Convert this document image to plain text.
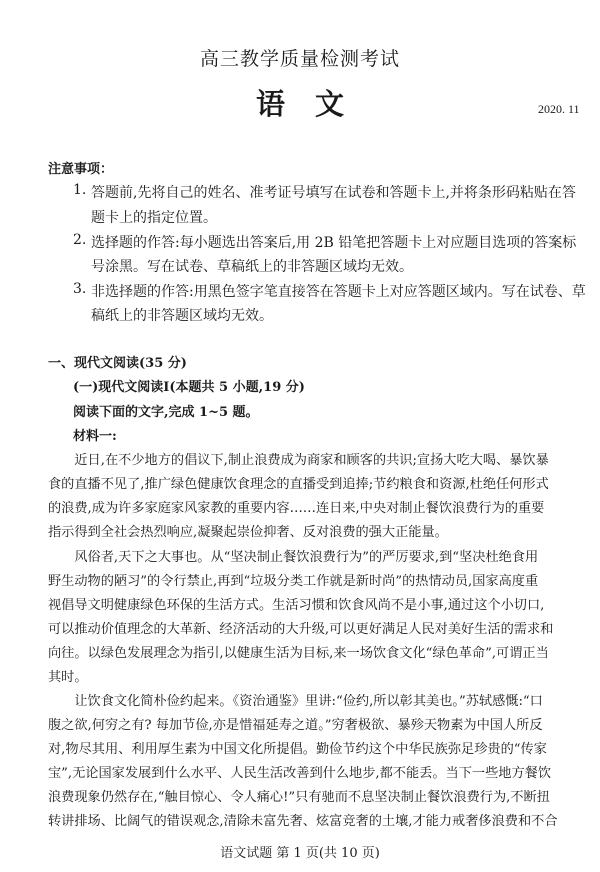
高三教学质量检测考试
语文	2020. 11
注意事项：
1. 答题前,先将自己的姓名、准考证号填写在试卷和答题卡上,并将条形码粘贴在答
题卡上的指定位置。
2. 选择题的作答:每小题选出答案后,用 2B 铅笔把答题卡上对应题目选项的答案标
号涂黑。写在试卷、草稿纸上的非答题区域均无效。
3. 非选择题的作答:用黑色签字笔直接答在答题卡上对应答题区域内。写在试卷、草
稿纸上的非答题区域均无效。
一、现代文阅读(35 分)
(一)现代文阅读Ⅰ(本题共 5 小题,19 分)
阅读下面的文字,完成 1~5 题。
材料一:
　　近日,在不少地方的倡议下,制止浪费成为商家和顾客的共识;宣扬大吃大喝、暴饮暴
食的直播不见了,推广绿色健康饮食理念的直播受到追捧;节约粮食和资源,杜绝任何形式
的浪费,成为许多家庭家风家教的重要内容……连日来,中央对制止餐饮浪费行为的重要
指示得到全社会热烈响应,凝聚起崇俭抑奢、反对浪费的强大正能量。
　　风俗者,天下之大事也。从“坚决制止餐饮浪费行为”的严厉要求,到“坚决杜绝食用
野生动物的陋习”的令行禁止,再到“垃圾分类工作就是新时尚”的热情动员,国家高度重
视倡导文明健康绿色环保的生活方式。生活习惯和饮食风尚不是小事,通过这个小切口,
可以推动价值理念的大革新、经济活动的大升级,可以更好满足人民对美好生活的需求和
向往。以绿色发展理念为指引,以健康生活为目标,来一场饮食文化“绿色革命”,可谓正当
其时。
　　让饮食文化简朴俭约起来。《资治通鉴》里讲:“俭约,所以彰其美也。”苏轼感慨:“口
腹之欲,何穷之有? 每加节俭,亦是惜福延寿之道。”穷奢极欲、暴殄天物素为中国人所反
对,物尽其用、利用厚生素为中国文化所提倡。勤俭节约这个中华民族弥足珍贵的“传家
宝”,无论国家发展到什么水平、人民生活改善到什么地步,都不能丢。当下一些地方餐饮
浪费现象仍然存在,“触目惊心、令人痛心!”只有驰而不息坚决制止餐饮浪费行为,不断扭
转讲排场、比阔气的错误观念,清除未富先奢、炫富竞奢的土壤,才能力戒奢侈浪费和不合
语文试题 第 1 页(共 10 页)
